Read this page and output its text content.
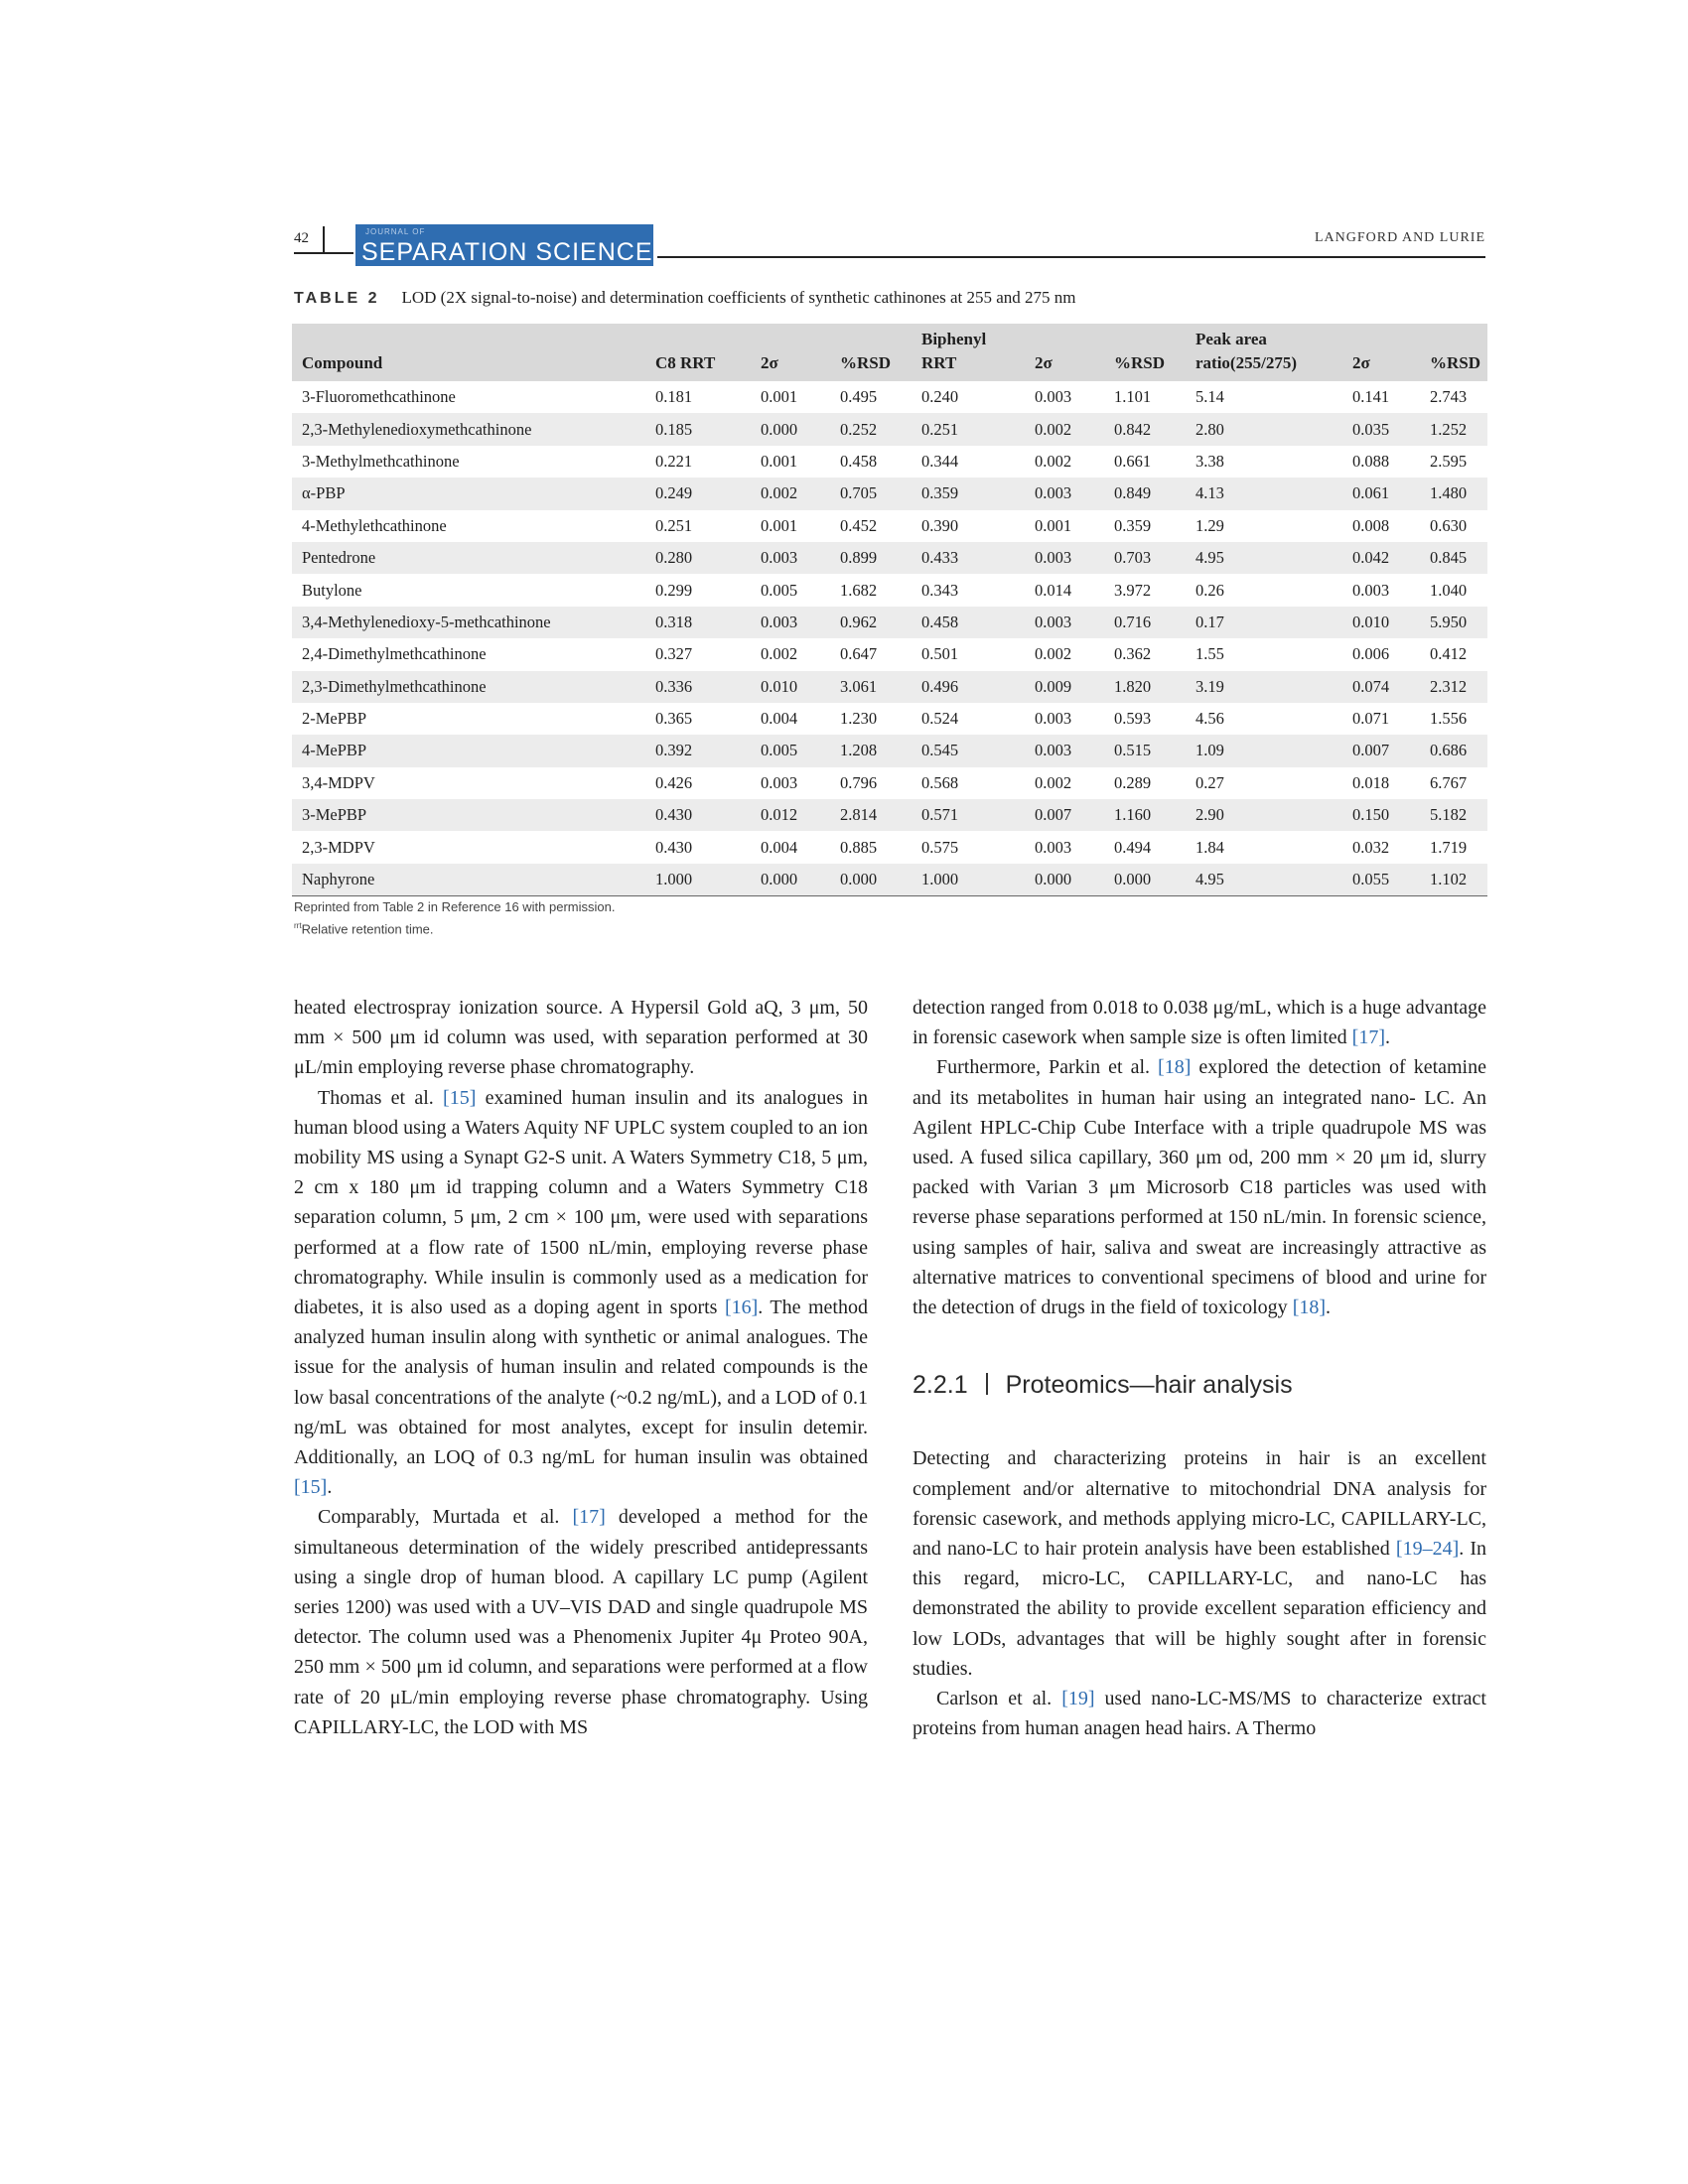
42	JOURNAL OF
SEPARATION SCIENCE
LANGFORD AND LURIE
TABLE 2 LOD (2X signal-to-noise) and determination coefficients of synthetic cathinones at 255 and 275 nm
Compound	C8 RRT	2σ	%RSD	Biphenyl RRT	2σ	%RSD	Peak area ratio(255/275)	2σ	%RSD
3-Fluoromethcathinone	0.181	0.001	0.495	0.240	0.003	1.101	5.14	0.141	2.743
2,3-Methylenedioxymethcathinone	0.185	0.000	0.252	0.251	0.002	0.842	2.80	0.035	1.252
3-Methylmethcathinone	0.221	0.001	0.458	0.344	0.002	0.661	3.38	0.088	2.595
α-PBP	0.249	0.002	0.705	0.359	0.003	0.849	4.13	0.061	1.480
4-Methylethcathinone	0.251	0.001	0.452	0.390	0.001	0.359	1.29	0.008	0.630
Pentedrone	0.280	0.003	0.899	0.433	0.003	0.703	4.95	0.042	0.845
Butylone	0.299	0.005	1.682	0.343	0.014	3.972	0.26	0.003	1.040
3,4-Methylenedioxy-5-methcathinone	0.318	0.003	0.962	0.458	0.003	0.716	0.17	0.010	5.950
2,4-Dimethylmethcathinone	0.327	0.002	0.647	0.501	0.002	0.362	1.55	0.006	0.412
2,3-Dimethylmethcathinone	0.336	0.010	3.061	0.496	0.009	1.820	3.19	0.074	2.312
2-MePBP	0.365	0.004	1.230	0.524	0.003	0.593	4.56	0.071	1.556
4-MePBP	0.392	0.005	1.208	0.545	0.003	0.515	1.09	0.007	0.686
3,4-MDPV	0.426	0.003	0.796	0.568	0.002	0.289	0.27	0.018	6.767
3-MePBP	0.430	0.012	2.814	0.571	0.007	1.160	2.90	0.150	5.182
2,3-MDPV	0.430	0.004	0.885	0.575	0.003	0.494	1.84	0.032	1.719
Naphyrone	1.000	0.000	0.000	1.000	0.000	0.000	4.95	0.055	1.102
Reprinted from Table 2 in Reference 16 with permission.
$^{rrt}$Relative retention time.

heated electrospray ionization source. A Hypersil Gold aQ, 3 μm, 50 mm × 500 μm id column was used, with separation performed at 30 μL/min employing reverse phase chromatography.

Thomas et al. [15] examined human insulin and its analogues in human blood using a Waters Aquity NF UPLC system coupled to an ion mobility MS using a Synapt G2-S unit. A Waters Symmetry C18, 5 μm, 2 cm x 180 μm id trapping column and a Waters Symmetry C18 separation column, 5 μm, 2 cm × 100 μm, were used with separations performed at a flow rate of 1500 nL/min, employing reverse phase chromatography. While insulin is commonly used as a medication for diabetes, it is also used as a doping agent in sports [16]. The method analyzed human insulin along with synthetic or animal analogues. The issue for the analysis of human insulin and related compounds is the low basal concentrations of the analyte (~0.2 ng/mL), and a LOD of 0.1 ng/mL was obtained for most analytes, except for insulin detemir. Additionally, an LOQ of 0.3 ng/mL for human insulin was obtained [15].

Comparably, Murtada et al. [17] developed a method for the simultaneous determination of the widely prescribed antidepressants using a single drop of human blood. A capillary LC pump (Agilent series 1200) was used with a UV–VIS DAD and single quadrupole MS detector. The column used was a Phenomenix Jupiter 4μ Proteo 90A, 250 mm × 500 μm id column, and separations were performed at a flow rate of 20 μL/min employing reverse phase chromatography. Using CAPILLARY-LC, the LOD with MS

detection ranged from 0.018 to 0.038 μg/mL, which is a huge advantage in forensic casework when sample size is often limited [17].

Furthermore, Parkin et al. [18] explored the detection of ketamine and its metabolites in human hair using an integrated nano- LC. An Agilent HPLC-Chip Cube Interface with a triple quadrupole MS was used. A fused silica capillary, 360 μm od, 200 mm × 20 μm id, slurry packed with Varian 3 μm Microsorb C18 particles was used with reverse phase separations performed at 150 nL/min. In forensic science, using samples of hair, saliva and sweat are increasingly attractive as alternative matrices to conventional specimens of blood and urine for the detection of drugs in the field of toxicology [18].

2.2.1 Proteomics—hair analysis

Detecting and characterizing proteins in hair is an excellent complement and/or alternative to mitochondrial DNA analysis for forensic casework, and methods applying micro-LC, CAPILLARY-LC, and nano-LC to hair protein analysis have been established [19–24]. In this regard, micro-LC, CAPILLARY-LC, and nano-LC has demonstrated the ability to provide excellent separation efficiency and low LODs, advantages that will be highly sought after in forensic studies.

Carlson et al. [19] used nano-LC-MS/MS to characterize extract proteins from human anagen head hairs. A Thermo
